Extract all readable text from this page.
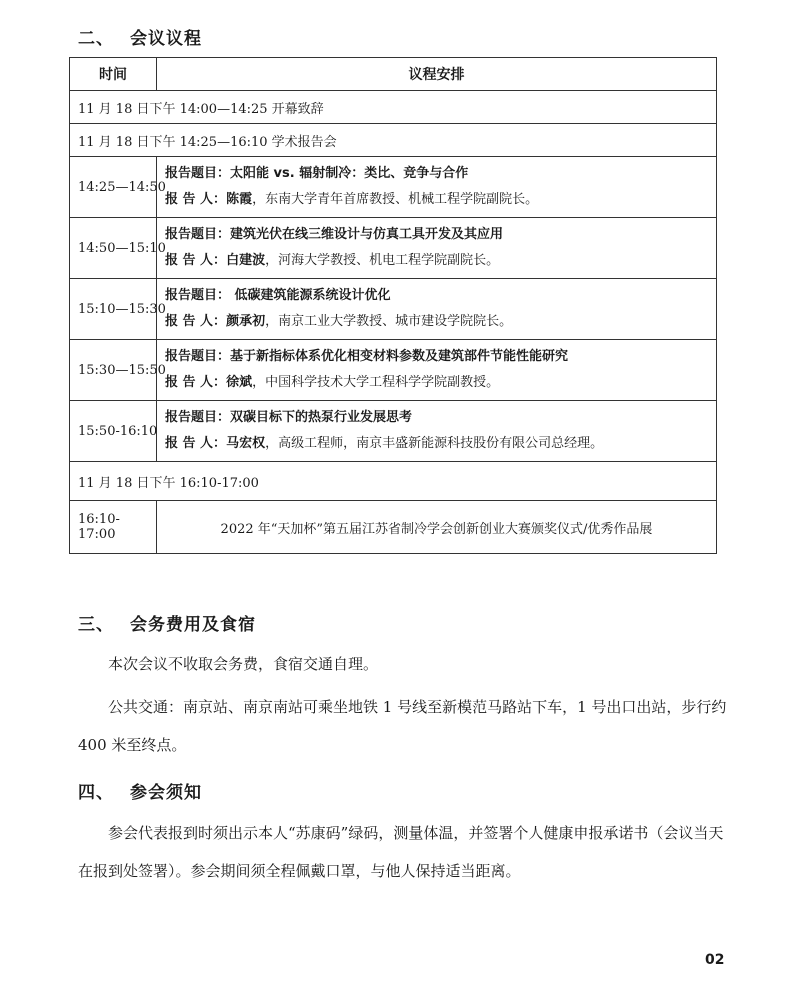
二、 会议议程
时间	议程安排
11 月 18 日下午 14:00—14:25 开幕致辞	
11 月 18 日下午 14:25—16:10 学术报告会	
14:25—14:50	报告题目：太阳能 vs. 辐射制冷：类比、竞争与合作
报 告 人：陈霞，东南大学青年首席教授、机械工程学院副院长。

14:50—15:10	报告题目：建筑光伏在线三维设计与仿真工具开发及其应用
报 告 人：白建波，河海大学教授、机电工程学院副院长。

15:10—15:30	报告题目： 低碳建筑能源系统设计优化
报 告 人：颜承初，南京工业大学教授、城市建设学院院长。

15:30—15:50	报告题目：基于新指标体系优化相变材料参数及建筑部件节能性能研究
报 告 人：徐斌，中国科学技术大学工程科学学院副教授。

15:50-16:10	报告题目：双碳目标下的热泵行业发展思考
报 告 人：马宏权，高级工程师，南京丰盛新能源科技股份有限公司总经理。

11 月 18 日下午 16:10-17:00	
16:10-17:00	2022 年“天加杯”第五届江苏省制冷学会创新创业大赛颁奖仪式/优秀作品展
三、 会务费用及食宿
本次会议不收取会务费，食宿交通自理。
公共交通：南京站、南京南站可乘坐地铁 1 号线至新模范马路站下车，1 号出口出站，步行约 400 米至终点。
四、 参会须知
参会代表报到时须出示本人“苏康码”绿码，测量体温，并签署个人健康申报承诺书（会议当天在报到处签署）。参会期间须全程佩戴口罩，与他人保持适当距离。
02
